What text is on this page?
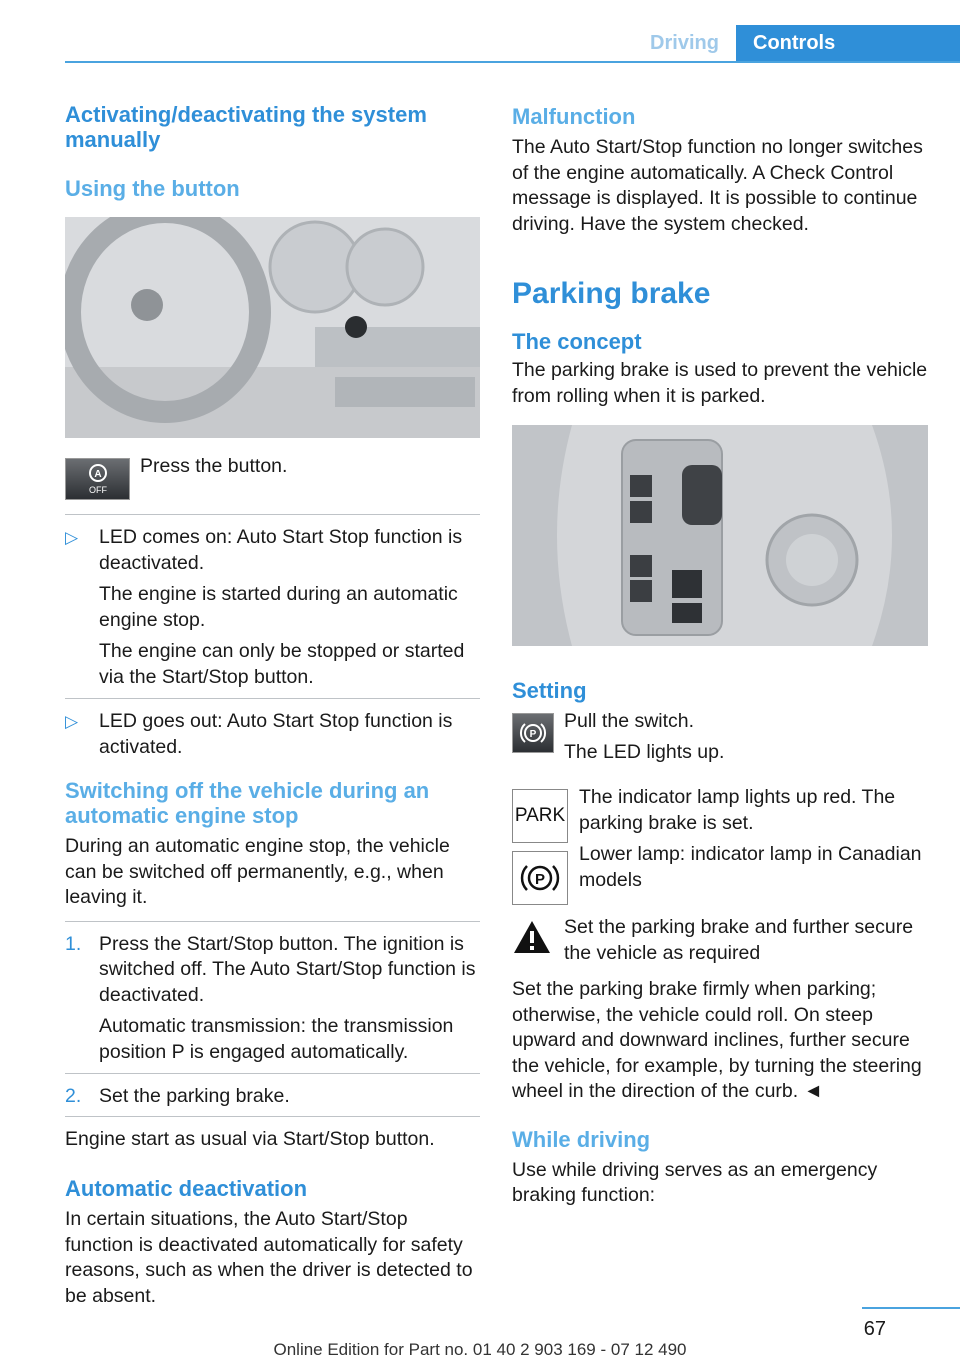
Driving	Controls
Activating/deactivating the system manually
Using the button
A
OFF

Press the button.

▷ LED comes on: Auto Start Stop function is deactivated.

The engine is started during an automatic engine stop.

The engine can only be stopped or started via the Start/Stop button.

▷ LED goes out: Auto Start Stop function is activated.

Switching off the vehicle during an automatic engine stop

During an automatic engine stop, the vehicle can be switched off permanently, e.g., when leaving it.

1. Press the Start/Stop button. The ignition is switched off. The Auto Start/Stop function is deactivated.

Automatic transmission: the transmission position P is engaged automatically.

2. Set the parking brake.

Engine start as usual via Start/Stop button.

Automatic deactivation

In certain situations, the Auto Start/Stop function is deactivated automatically for safety reasons, such as when the driver is detected to be absent.

Malfunction

The Auto Start/Stop function no longer switches of the engine automatically. A Check Control message is displayed. It is possible to continue driving. Have the system checked.

Parking brake
The concept

The parking brake is used to prevent the vehicle from rolling when it is parked.

Setting
P

Pull the switch.

The LED lights up.

PARK
P

The indicator lamp lights up red. The parking brake is set.

Lower lamp: indicator lamp in Canadian models

Set the parking brake and further secure the vehicle as required

Set the parking brake firmly when parking; otherwise, the vehicle could roll. On steep upward and downward inclines, further secure the vehicle, for example, by turning the steering wheel in the direction of the curb. ◄

While driving

Use while driving serves as an emergency braking function:

67
Online Edition for Part no. 01 40 2 903 169 - 07 12 490
